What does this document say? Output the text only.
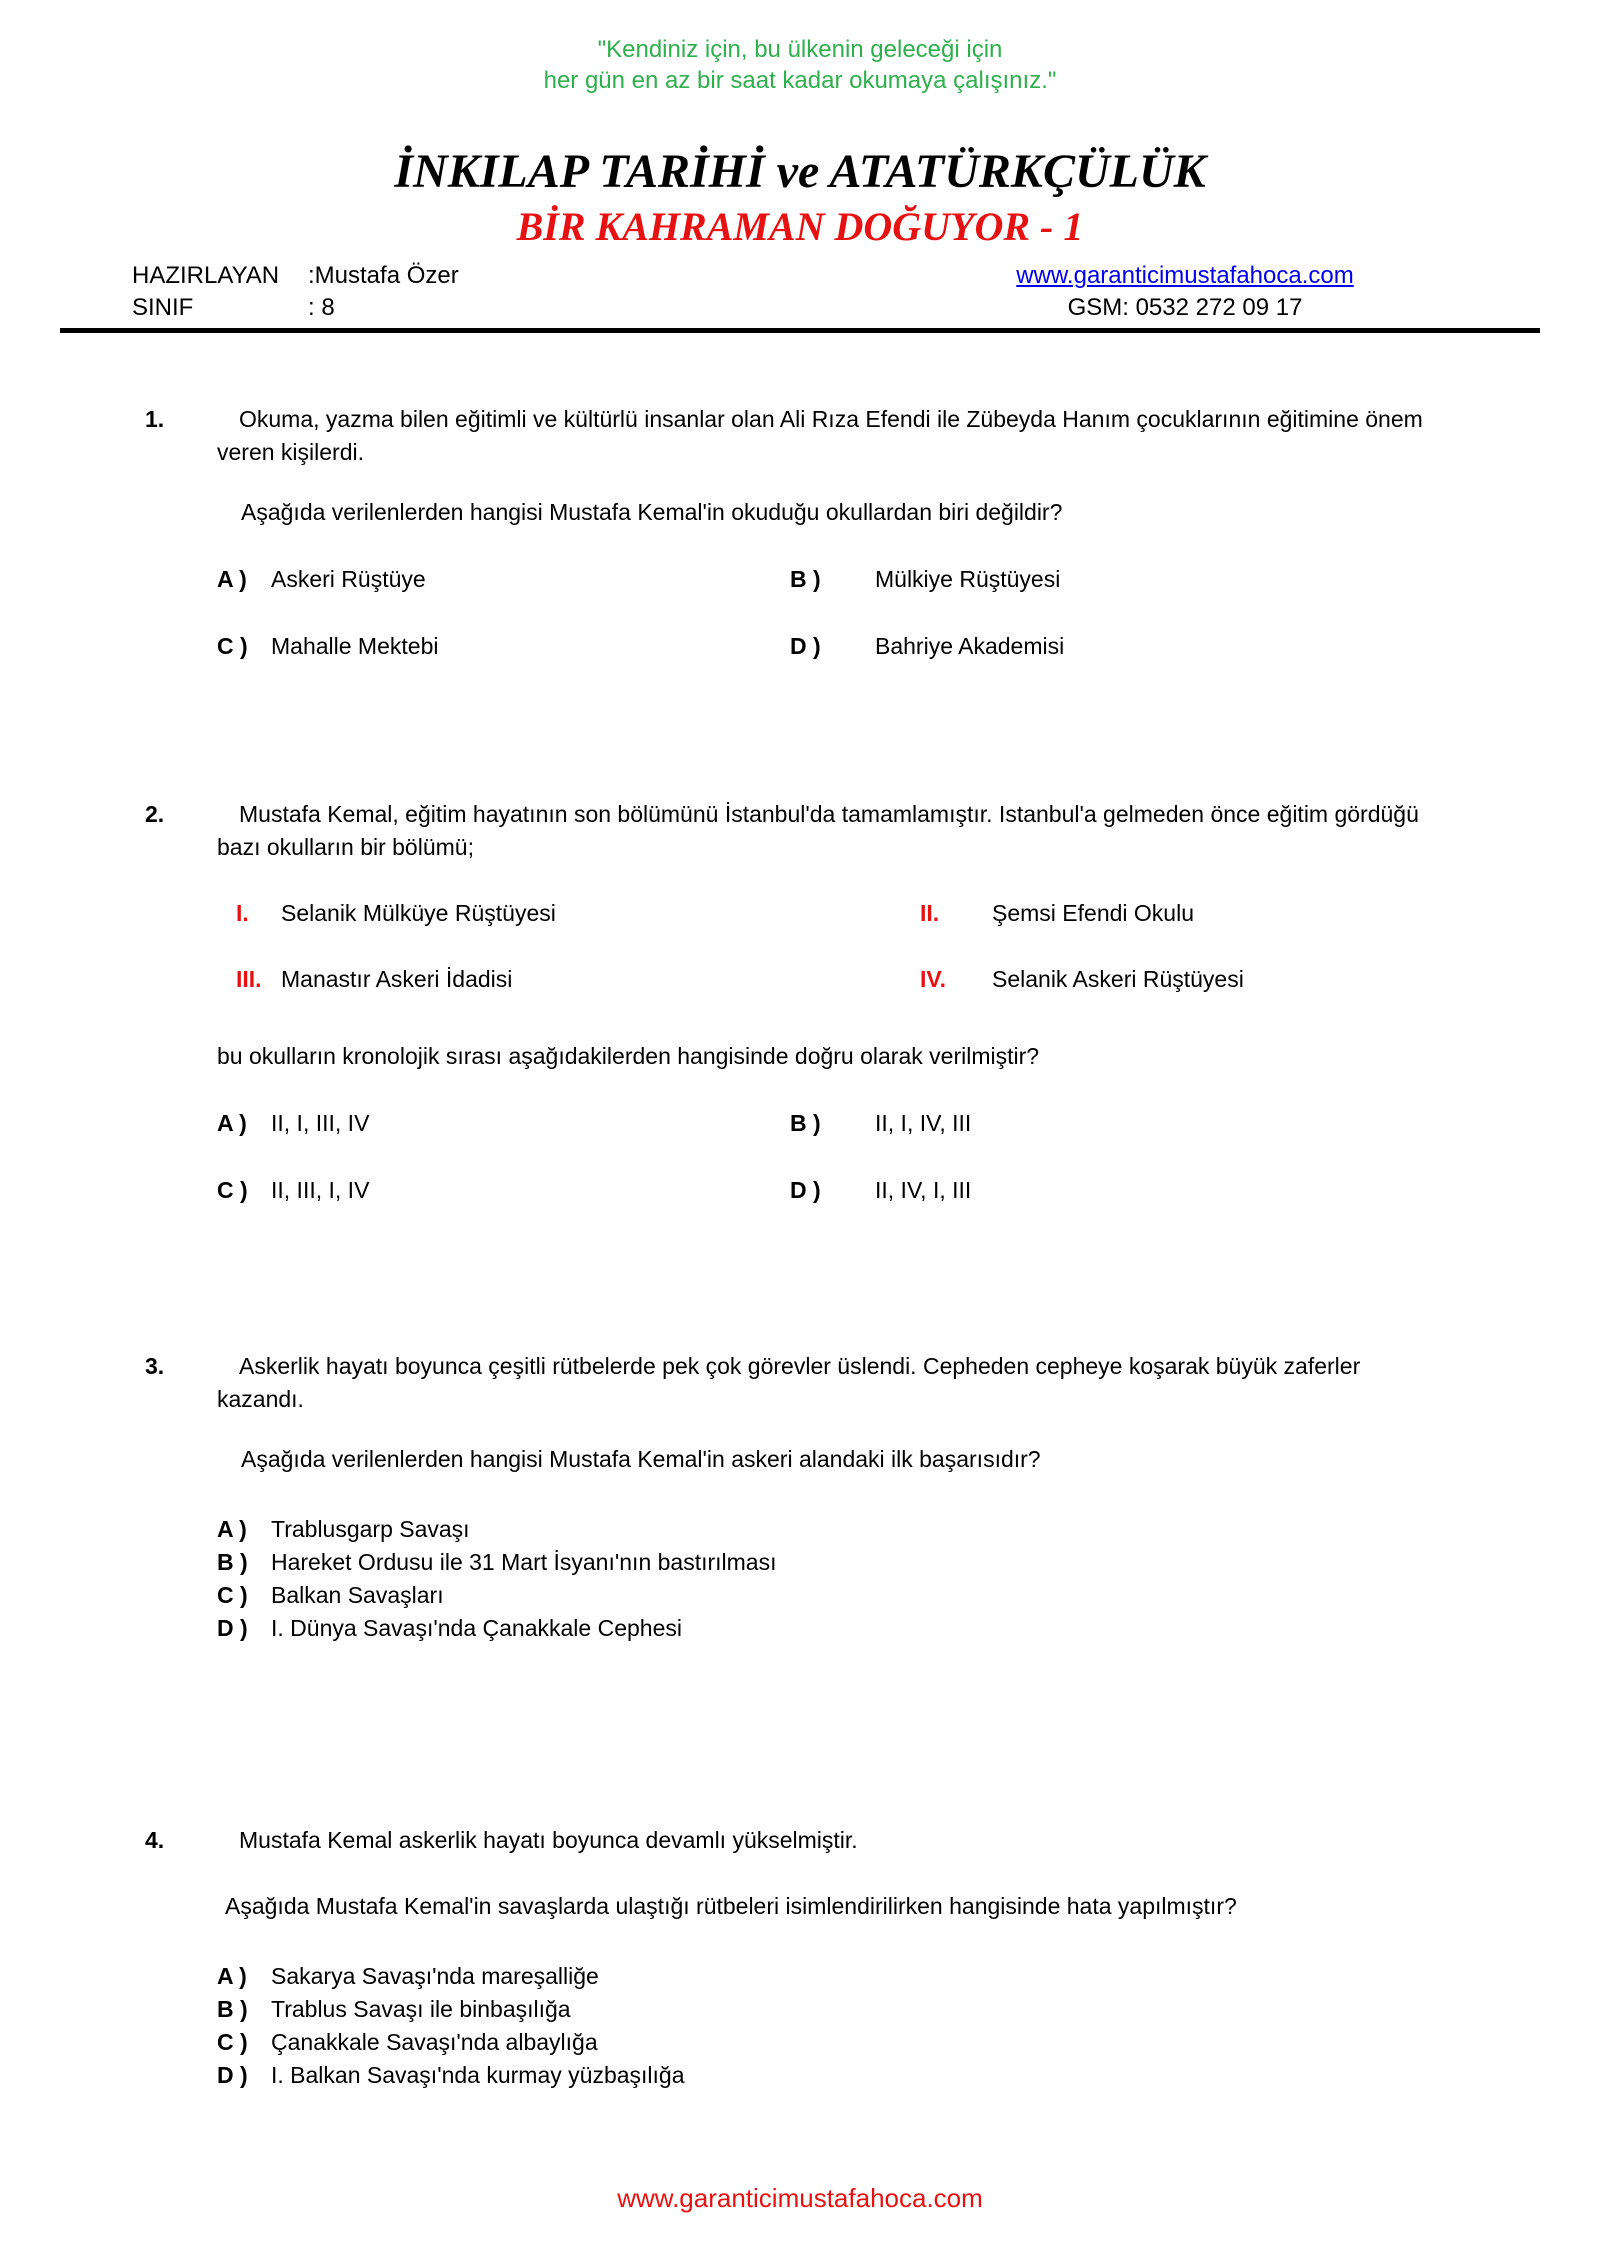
"Kendiniz için, bu ülkenin geleceği için
her gün en az bir saat kadar okumaya çalışınız."
İNKILAP TARİHİ ve ATATÜRKÇÜLÜK
BİR KAHRAMAN DOĞUYOR - 1
HAZIRLAYAN :Mustafa Özer
SINIF	: 8
www.garanticimustafahoca.com
GSM: 0532 272 09 17
1.	Okuma, yazma bilen eğitimli ve kültürlü insanlar olan Ali Rıza Efendi ile Zübeyda Hanım çocuklarının eğitimine önem veren kişilerdi.

Aşağıda verilenlerden hangisi Mustafa Kemal'in okuduğu okullardan biri değildir?

A )	Askeri Rüştüye	B )	Mülkiye Rüştüyesi
C )	Mahalle Mektebi	D )	Bahriye Akademisi
2.	Mustafa Kemal, eğitim hayatının son bölümünü İstanbul'da tamamlamıştır. Istanbul'a gelmeden önce eğitim gördüğü bazı okulların bir bölümü;

I.	Selanik Mülküye Rüştüyesi	II.	Şemsi Efendi Okulu
III. Manastır Askeri İdadisi	IV.	Selanik Askeri Rüştüyesi

bu okulların kronolojik sırası aşağıdakilerden hangisinde doğru olarak verilmiştir?

A )	II, I, III, IV	B )	II, I, IV, III
C )	II, III, I, IV	D )	II, IV, I, III
3.	Askerlik hayatı boyunca çeşitli rütbelerde pek çok görevler üslendi. Cepheden cepheye koşarak büyük zaferler kazandı.

Aşağıda verilenlerden hangisi Mustafa Kemal'in askeri alandaki ilk başarısıdır?

A )	Trablusgarp Savaşı
B )	Hareket Ordusu ile 31 Mart İsyanı'nın bastırılması
C )	Balkan Savaşları
D )	I. Dünya Savaşı'nda Çanakkale Cephesi
4.	Mustafa Kemal askerlik hayatı boyunca devamlı yükselmiştir.

Aşağıda Mustafa Kemal'in savaşlarda ulaştığı rütbeleri isimlendirilirken hangisinde hata yapılmıştır?

A )	Sakarya Savaşı'nda mareşalliğe
B )	Trablus Savaşı ile binbaşılığa
C )	Çanakkale Savaşı'nda albaylığa
D )	I. Balkan Savaşı'nda kurmay yüzbaşılığa
www.garanticimustafahoca.com
